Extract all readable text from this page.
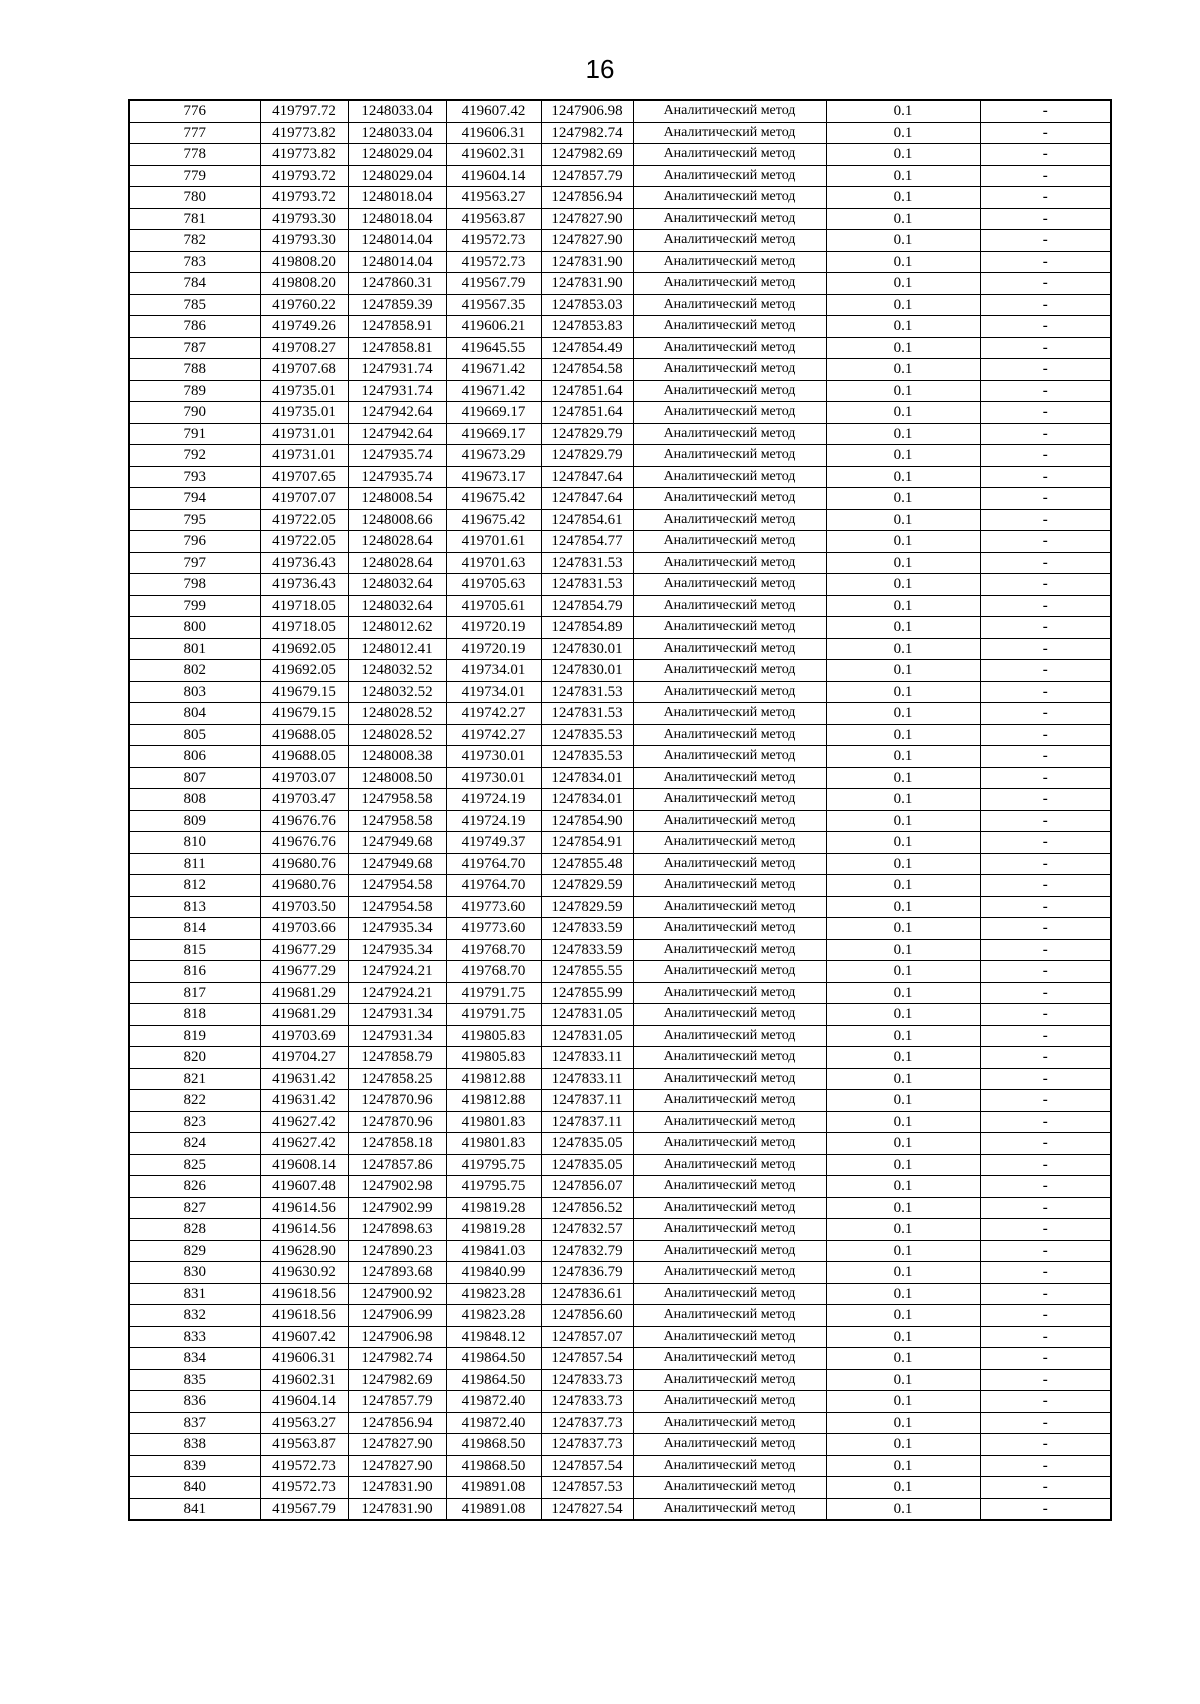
16
776	419797.72	1248033.04	419607.42	1247906.98	Аналитический метод	0.1	-
777	419773.82	1248033.04	419606.31	1247982.74	Аналитический метод	0.1	-
778	419773.82	1248029.04	419602.31	1247982.69	Аналитический метод	0.1	-
779	419793.72	1248029.04	419604.14	1247857.79	Аналитический метод	0.1	-
780	419793.72	1248018.04	419563.27	1247856.94	Аналитический метод	0.1	-
781	419793.30	1248018.04	419563.87	1247827.90	Аналитический метод	0.1	-
782	419793.30	1248014.04	419572.73	1247827.90	Аналитический метод	0.1	-
783	419808.20	1248014.04	419572.73	1247831.90	Аналитический метод	0.1	-
784	419808.20	1247860.31	419567.79	1247831.90	Аналитический метод	0.1	-
785	419760.22	1247859.39	419567.35	1247853.03	Аналитический метод	0.1	-
786	419749.26	1247858.91	419606.21	1247853.83	Аналитический метод	0.1	-
787	419708.27	1247858.81	419645.55	1247854.49	Аналитический метод	0.1	-
788	419707.68	1247931.74	419671.42	1247854.58	Аналитический метод	0.1	-
789	419735.01	1247931.74	419671.42	1247851.64	Аналитический метод	0.1	-
790	419735.01	1247942.64	419669.17	1247851.64	Аналитический метод	0.1	-
791	419731.01	1247942.64	419669.17	1247829.79	Аналитический метод	0.1	-
792	419731.01	1247935.74	419673.29	1247829.79	Аналитический метод	0.1	-
793	419707.65	1247935.74	419673.17	1247847.64	Аналитический метод	0.1	-
794	419707.07	1248008.54	419675.42	1247847.64	Аналитический метод	0.1	-
795	419722.05	1248008.66	419675.42	1247854.61	Аналитический метод	0.1	-
796	419722.05	1248028.64	419701.61	1247854.77	Аналитический метод	0.1	-
797	419736.43	1248028.64	419701.63	1247831.53	Аналитический метод	0.1	-
798	419736.43	1248032.64	419705.63	1247831.53	Аналитический метод	0.1	-
799	419718.05	1248032.64	419705.61	1247854.79	Аналитический метод	0.1	-
800	419718.05	1248012.62	419720.19	1247854.89	Аналитический метод	0.1	-
801	419692.05	1248012.41	419720.19	1247830.01	Аналитический метод	0.1	-
802	419692.05	1248032.52	419734.01	1247830.01	Аналитический метод	0.1	-
803	419679.15	1248032.52	419734.01	1247831.53	Аналитический метод	0.1	-
804	419679.15	1248028.52	419742.27	1247831.53	Аналитический метод	0.1	-
805	419688.05	1248028.52	419742.27	1247835.53	Аналитический метод	0.1	-
806	419688.05	1248008.38	419730.01	1247835.53	Аналитический метод	0.1	-
807	419703.07	1248008.50	419730.01	1247834.01	Аналитический метод	0.1	-
808	419703.47	1247958.58	419724.19	1247834.01	Аналитический метод	0.1	-
809	419676.76	1247958.58	419724.19	1247854.90	Аналитический метод	0.1	-
810	419676.76	1247949.68	419749.37	1247854.91	Аналитический метод	0.1	-
811	419680.76	1247949.68	419764.70	1247855.48	Аналитический метод	0.1	-
812	419680.76	1247954.58	419764.70	1247829.59	Аналитический метод	0.1	-
813	419703.50	1247954.58	419773.60	1247829.59	Аналитический метод	0.1	-
814	419703.66	1247935.34	419773.60	1247833.59	Аналитический метод	0.1	-
815	419677.29	1247935.34	419768.70	1247833.59	Аналитический метод	0.1	-
816	419677.29	1247924.21	419768.70	1247855.55	Аналитический метод	0.1	-
817	419681.29	1247924.21	419791.75	1247855.99	Аналитический метод	0.1	-
818	419681.29	1247931.34	419791.75	1247831.05	Аналитический метод	0.1	-
819	419703.69	1247931.34	419805.83	1247831.05	Аналитический метод	0.1	-
820	419704.27	1247858.79	419805.83	1247833.11	Аналитический метод	0.1	-
821	419631.42	1247858.25	419812.88	1247833.11	Аналитический метод	0.1	-
822	419631.42	1247870.96	419812.88	1247837.11	Аналитический метод	0.1	-
823	419627.42	1247870.96	419801.83	1247837.11	Аналитический метод	0.1	-
824	419627.42	1247858.18	419801.83	1247835.05	Аналитический метод	0.1	-
825	419608.14	1247857.86	419795.75	1247835.05	Аналитический метод	0.1	-
826	419607.48	1247902.98	419795.75	1247856.07	Аналитический метод	0.1	-
827	419614.56	1247902.99	419819.28	1247856.52	Аналитический метод	0.1	-
828	419614.56	1247898.63	419819.28	1247832.57	Аналитический метод	0.1	-
829	419628.90	1247890.23	419841.03	1247832.79	Аналитический метод	0.1	-
830	419630.92	1247893.68	419840.99	1247836.79	Аналитический метод	0.1	-
831	419618.56	1247900.92	419823.28	1247836.61	Аналитический метод	0.1	-
832	419618.56	1247906.99	419823.28	1247856.60	Аналитический метод	0.1	-
833	419607.42	1247906.98	419848.12	1247857.07	Аналитический метод	0.1	-
834	419606.31	1247982.74	419864.50	1247857.54	Аналитический метод	0.1	-
835	419602.31	1247982.69	419864.50	1247833.73	Аналитический метод	0.1	-
836	419604.14	1247857.79	419872.40	1247833.73	Аналитический метод	0.1	-
837	419563.27	1247856.94	419872.40	1247837.73	Аналитический метод	0.1	-
838	419563.87	1247827.90	419868.50	1247837.73	Аналитический метод	0.1	-
839	419572.73	1247827.90	419868.50	1247857.54	Аналитический метод	0.1	-
840	419572.73	1247831.90	419891.08	1247857.53	Аналитический метод	0.1	-
841	419567.79	1247831.90	419891.08	1247827.54	Аналитический метод	0.1	-
